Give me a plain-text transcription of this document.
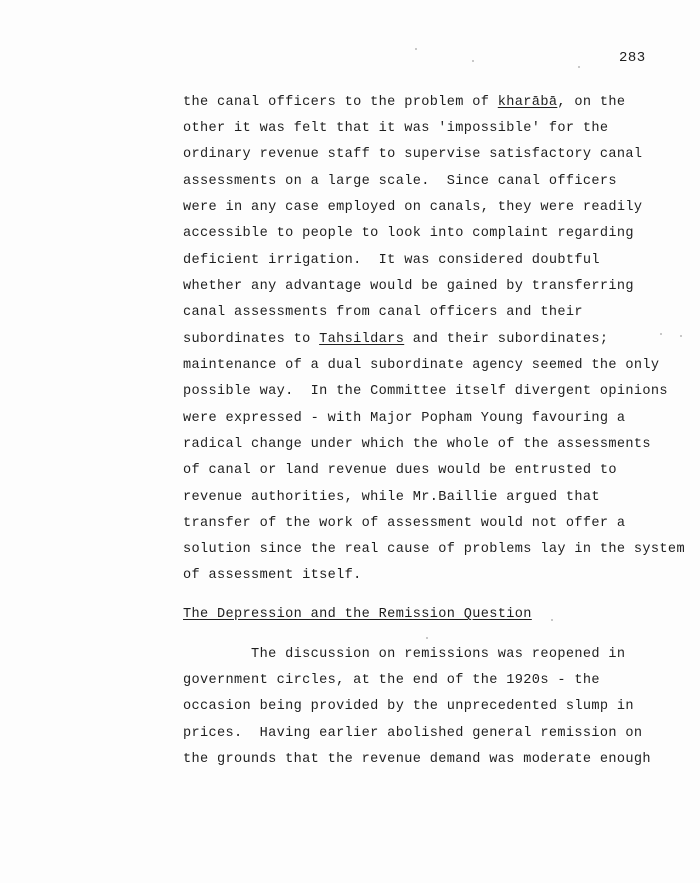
283
the canal officers to the problem of kharābā, on the
other it was felt that it was 'impossible' for the
ordinary revenue staff to supervise satisfactory canal
assessments on a large scale.  Since canal officers
were in any case employed on canals, they were readily
accessible to people to look into complaint regarding
deficient irrigation.  It was considered doubtful
whether any advantage would be gained by transferring
canal assessments from canal officers and their
subordinates to Tahsildars and their subordinates;
maintenance of a dual subordinate agency seemed the only
possible way.  In the Committee itself divergent opinions
were expressed - with Major Popham Young favouring a
radical change under which the whole of the assessments
of canal or land revenue dues would be entrusted to
revenue authorities, while Mr.Baillie argued that
transfer of the work of assessment would not offer a
solution since the real cause of problems lay in the system
of assessment itself.
The Depression and the Remission Question
The discussion on remissions was reopened in
government circles, at the end of the 1920s - the
occasion being provided by the unprecedented slump in
prices.  Having earlier abolished general remission on
the grounds that the revenue demand was moderate enough
